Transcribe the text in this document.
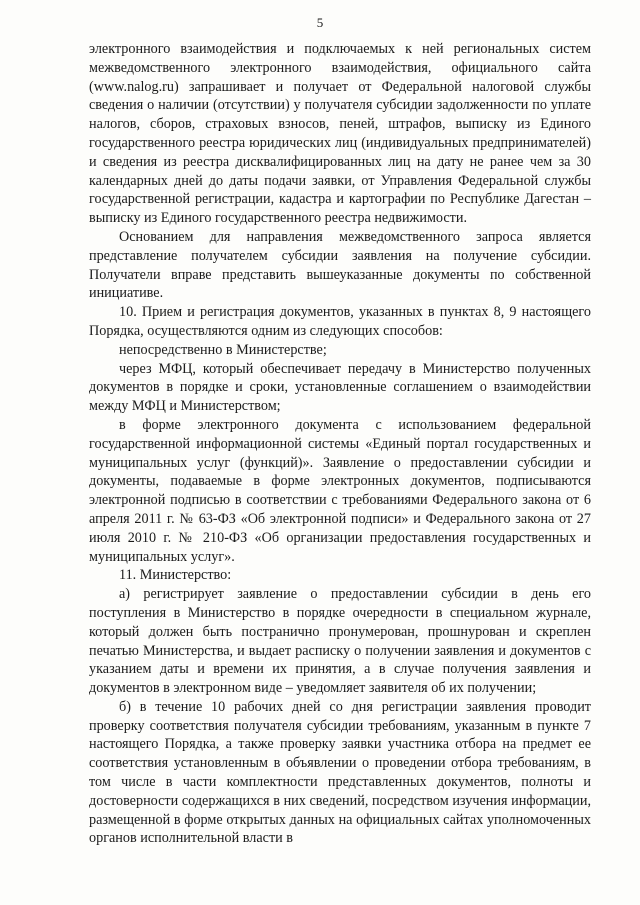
5

электронного взаимодействия и подключаемых к ней региональных систем межведомственного электронного взаимодействия, официального сайта (www.nalog.ru) запрашивает и получает от Федеральной налоговой службы сведения о наличии (отсутствии) у получателя субсидии задолженности по уплате налогов, сборов, страховых взносов, пеней, штрафов, выписку из Единого государственного реестра юридических лиц (индивидуальных предпринимателей) и сведения из реестра дисквалифицированных лиц на дату не ранее чем за 30 календарных дней до даты подачи заявки, от Управления Федеральной службы государственной регистрации, кадастра и картографии по Республике Дагестан – выписку из Единого государственного реестра недвижимости.

Основанием для направления межведомственного запроса является представление получателем субсидии заявления на получение субсидии. Получатели вправе представить вышеуказанные документы по собственной инициативе.

10. Прием и регистрация документов, указанных в пунктах 8, 9 настоящего Порядка, осуществляются одним из следующих способов:

непосредственно в Министерстве;

через МФЦ, который обеспечивает передачу в Министерство полученных документов в порядке и сроки, установленные соглашением о взаимодействии между МФЦ и Министерством;

в форме электронного документа с использованием федеральной государственной информационной системы «Единый портал государственных и муниципальных услуг (функций)». Заявление о предоставлении субсидии и документы, подаваемые в форме электронных документов, подписываются электронной подписью в соответствии с требованиями Федерального закона от 6 апреля 2011 г. № 63-ФЗ «Об электронной подписи» и Федерального закона от 27 июля 2010 г. № 210-ФЗ «Об организации предоставления государственных и муниципальных услуг».

11. Министерство:

а) регистрирует заявление о предоставлении субсидии в день его поступления в Министерство в порядке очередности в специальном журнале, который должен быть постранично пронумерован, прошнурован и скреплен печатью Министерства, и выдает расписку о получении заявления и документов с указанием даты и времени их принятия, а в случае получения заявления и документов в электронном виде – уведомляет заявителя об их получении;

б) в течение 10 рабочих дней со дня регистрации заявления проводит проверку соответствия получателя субсидии требованиям, указанным в пункте 7 настоящего Порядка, а также проверку заявки участника отбора на предмет ее соответствия установленным в объявлении о проведении отбора требованиям, в том числе в части комплектности представленных документов, полноты и достоверности содержащихся в них сведений, посредством изучения информации, размещенной в форме открытых данных на официальных сайтах уполномоченных органов исполнительной власти в
